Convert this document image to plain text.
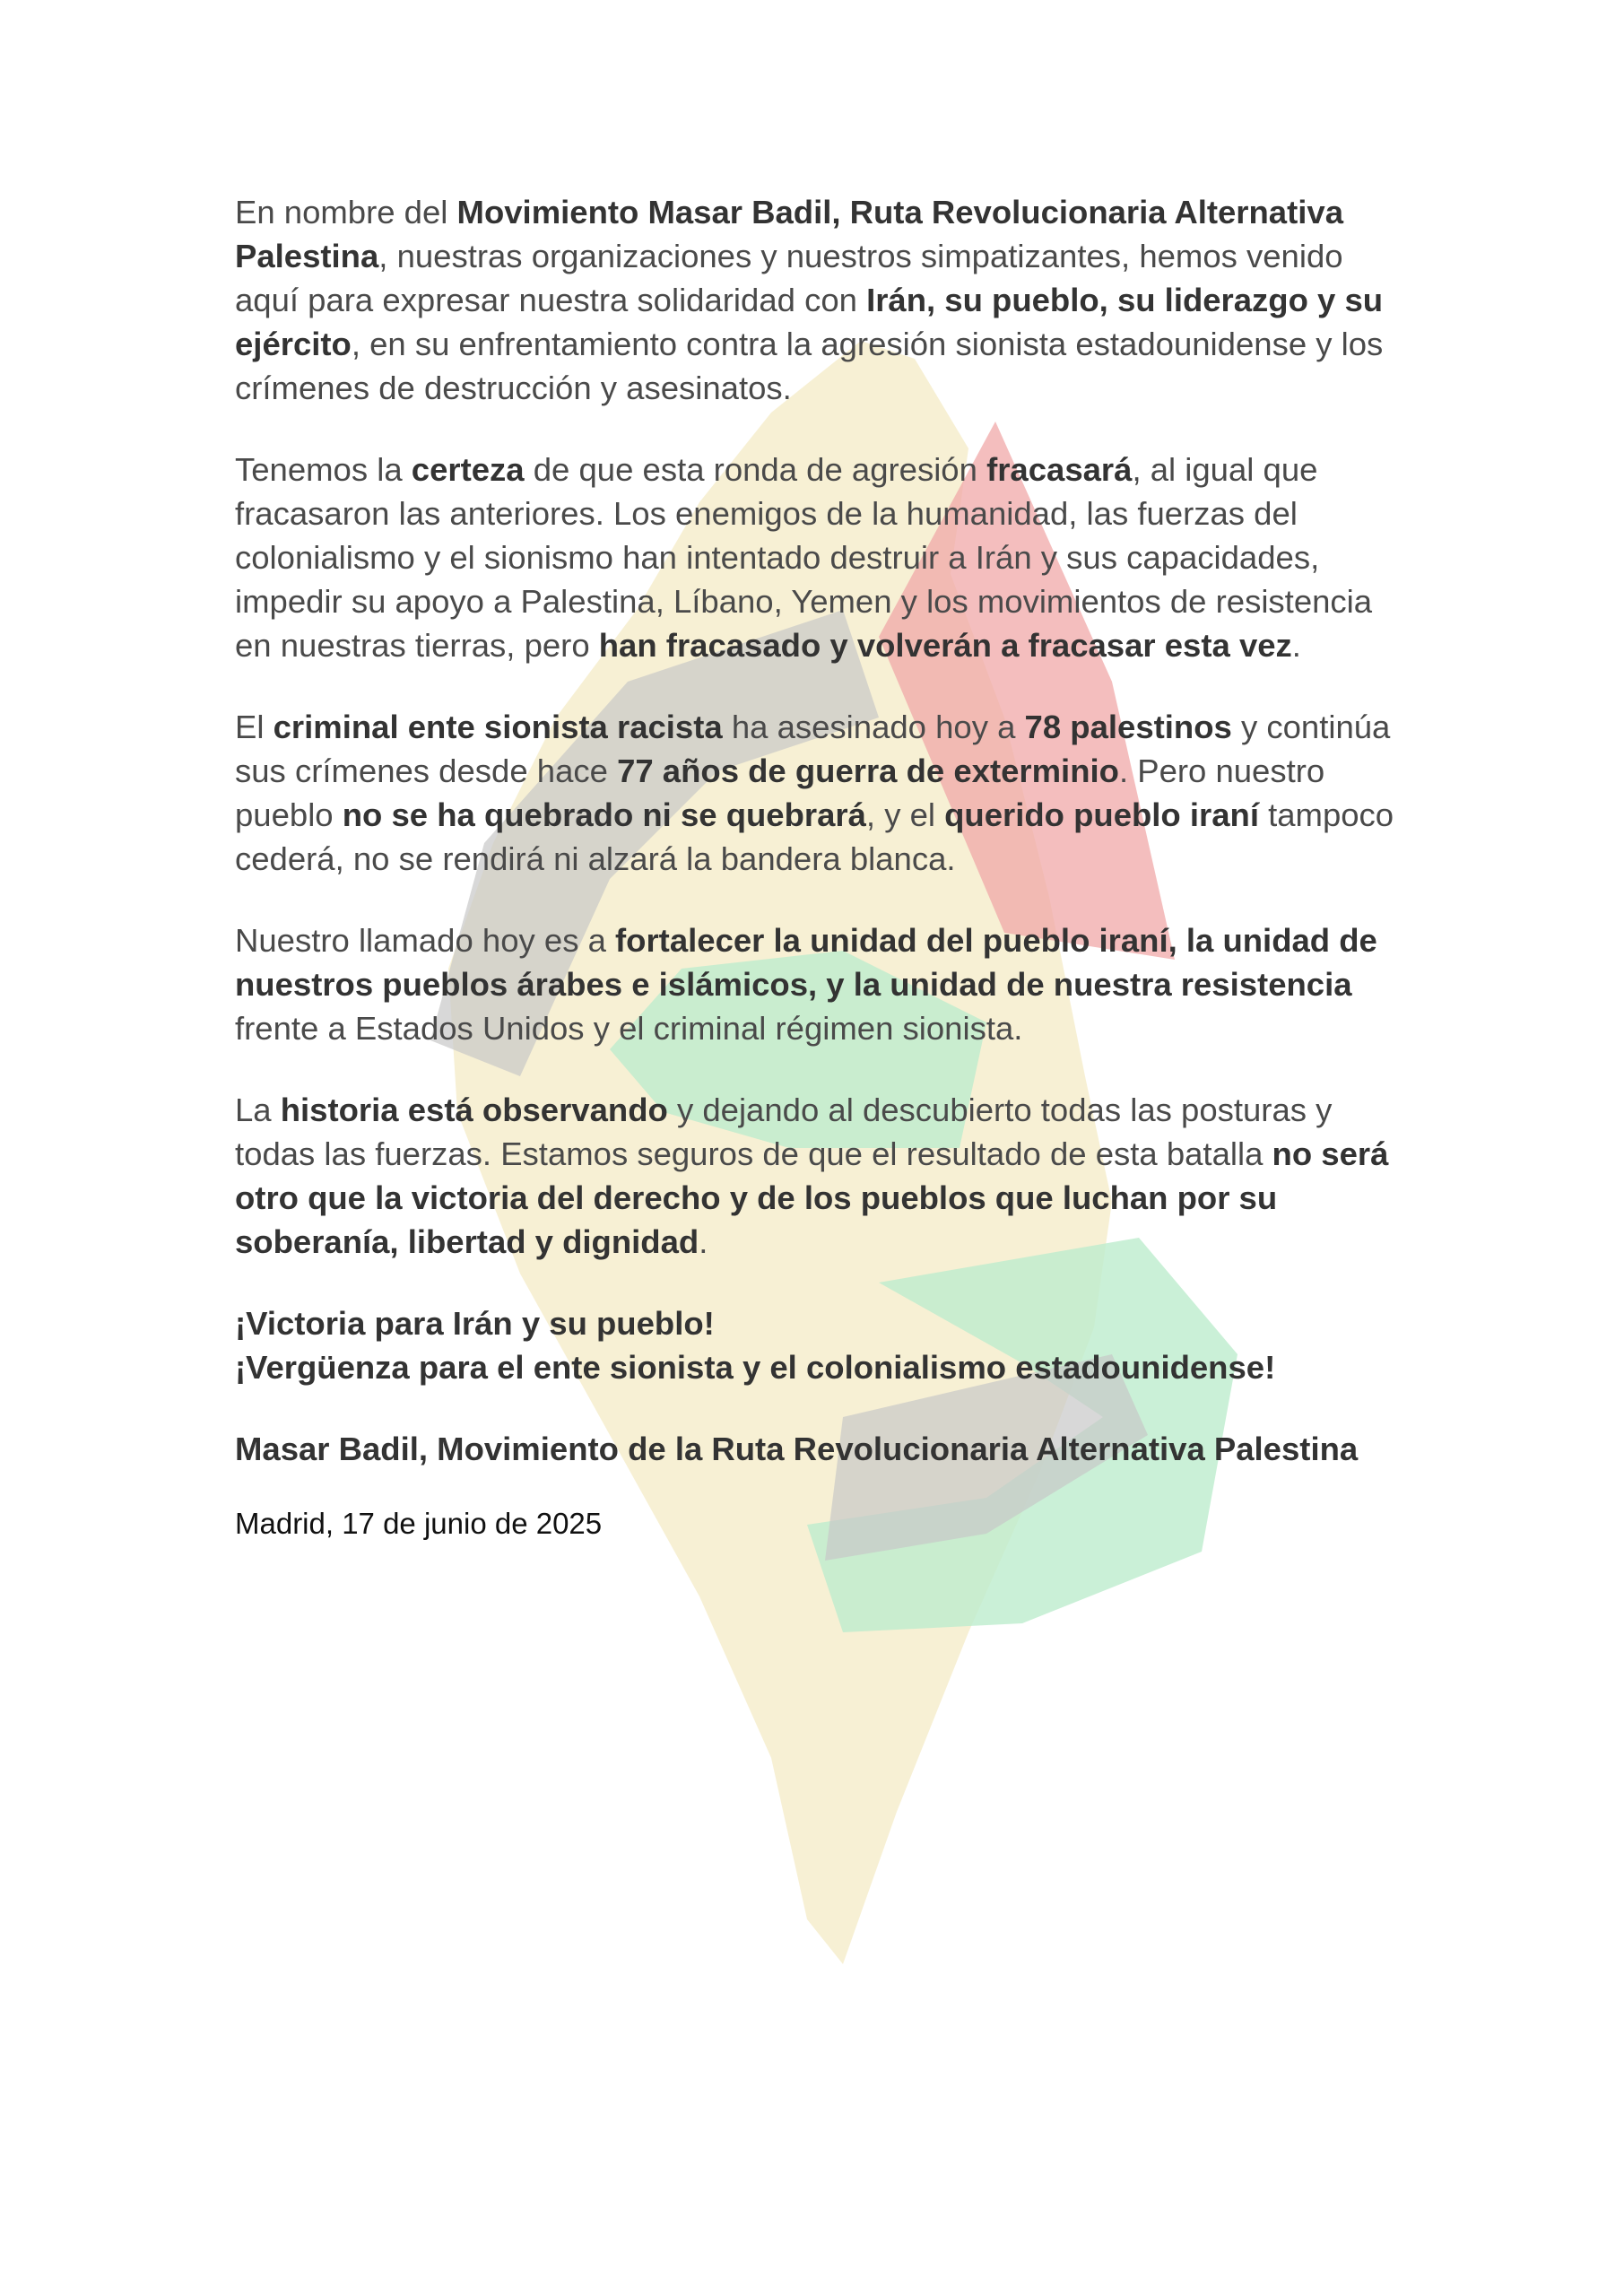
En nombre del Movimiento Masar Badil, Ruta Revolucionaria Alternativa Palestina, nuestras organizaciones y nuestros simpatizantes, hemos venido aquí para expresar nuestra solidaridad con Irán, su pueblo, su liderazgo y su ejército, en su enfrentamiento contra la agresión sionista estadounidense y los crímenes de destrucción y asesinatos.

Tenemos la certeza de que esta ronda de agresión fracasará, al igual que fracasaron las anteriores. Los enemigos de la humanidad, las fuerzas del colonialismo y el sionismo han intentado destruir a Irán y sus capacidades, impedir su apoyo a Palestina, Líbano, Yemen y los movimientos de resistencia en nuestras tierras, pero han fracasado y volverán a fracasar esta vez.

El criminal ente sionista racista ha asesinado hoy a 78 palestinos y continúa sus crímenes desde hace 77 años de guerra de exterminio. Pero nuestro pueblo no se ha quebrado ni se quebrará, y el querido pueblo iraní tampoco cederá, no se rendirá ni alzará la bandera blanca.

Nuestro llamado hoy es a fortalecer la unidad del pueblo iraní, la unidad de nuestros pueblos árabes e islámicos, y la unidad de nuestra resistencia frente a Estados Unidos y el criminal régimen sionista.

La historia está observando y dejando al descubierto todas las posturas y todas las fuerzas. Estamos seguros de que el resultado de esta batalla no será otro que la victoria del derecho y de los pueblos que luchan por su soberanía, libertad y dignidad.

¡Victoria para Irán y su pueblo!
¡Vergüenza para el ente sionista y el colonialismo estadounidense!

Masar Badil, Movimiento de la Ruta Revolucionaria Alternativa Palestina

Madrid, 17 de junio de 2025
